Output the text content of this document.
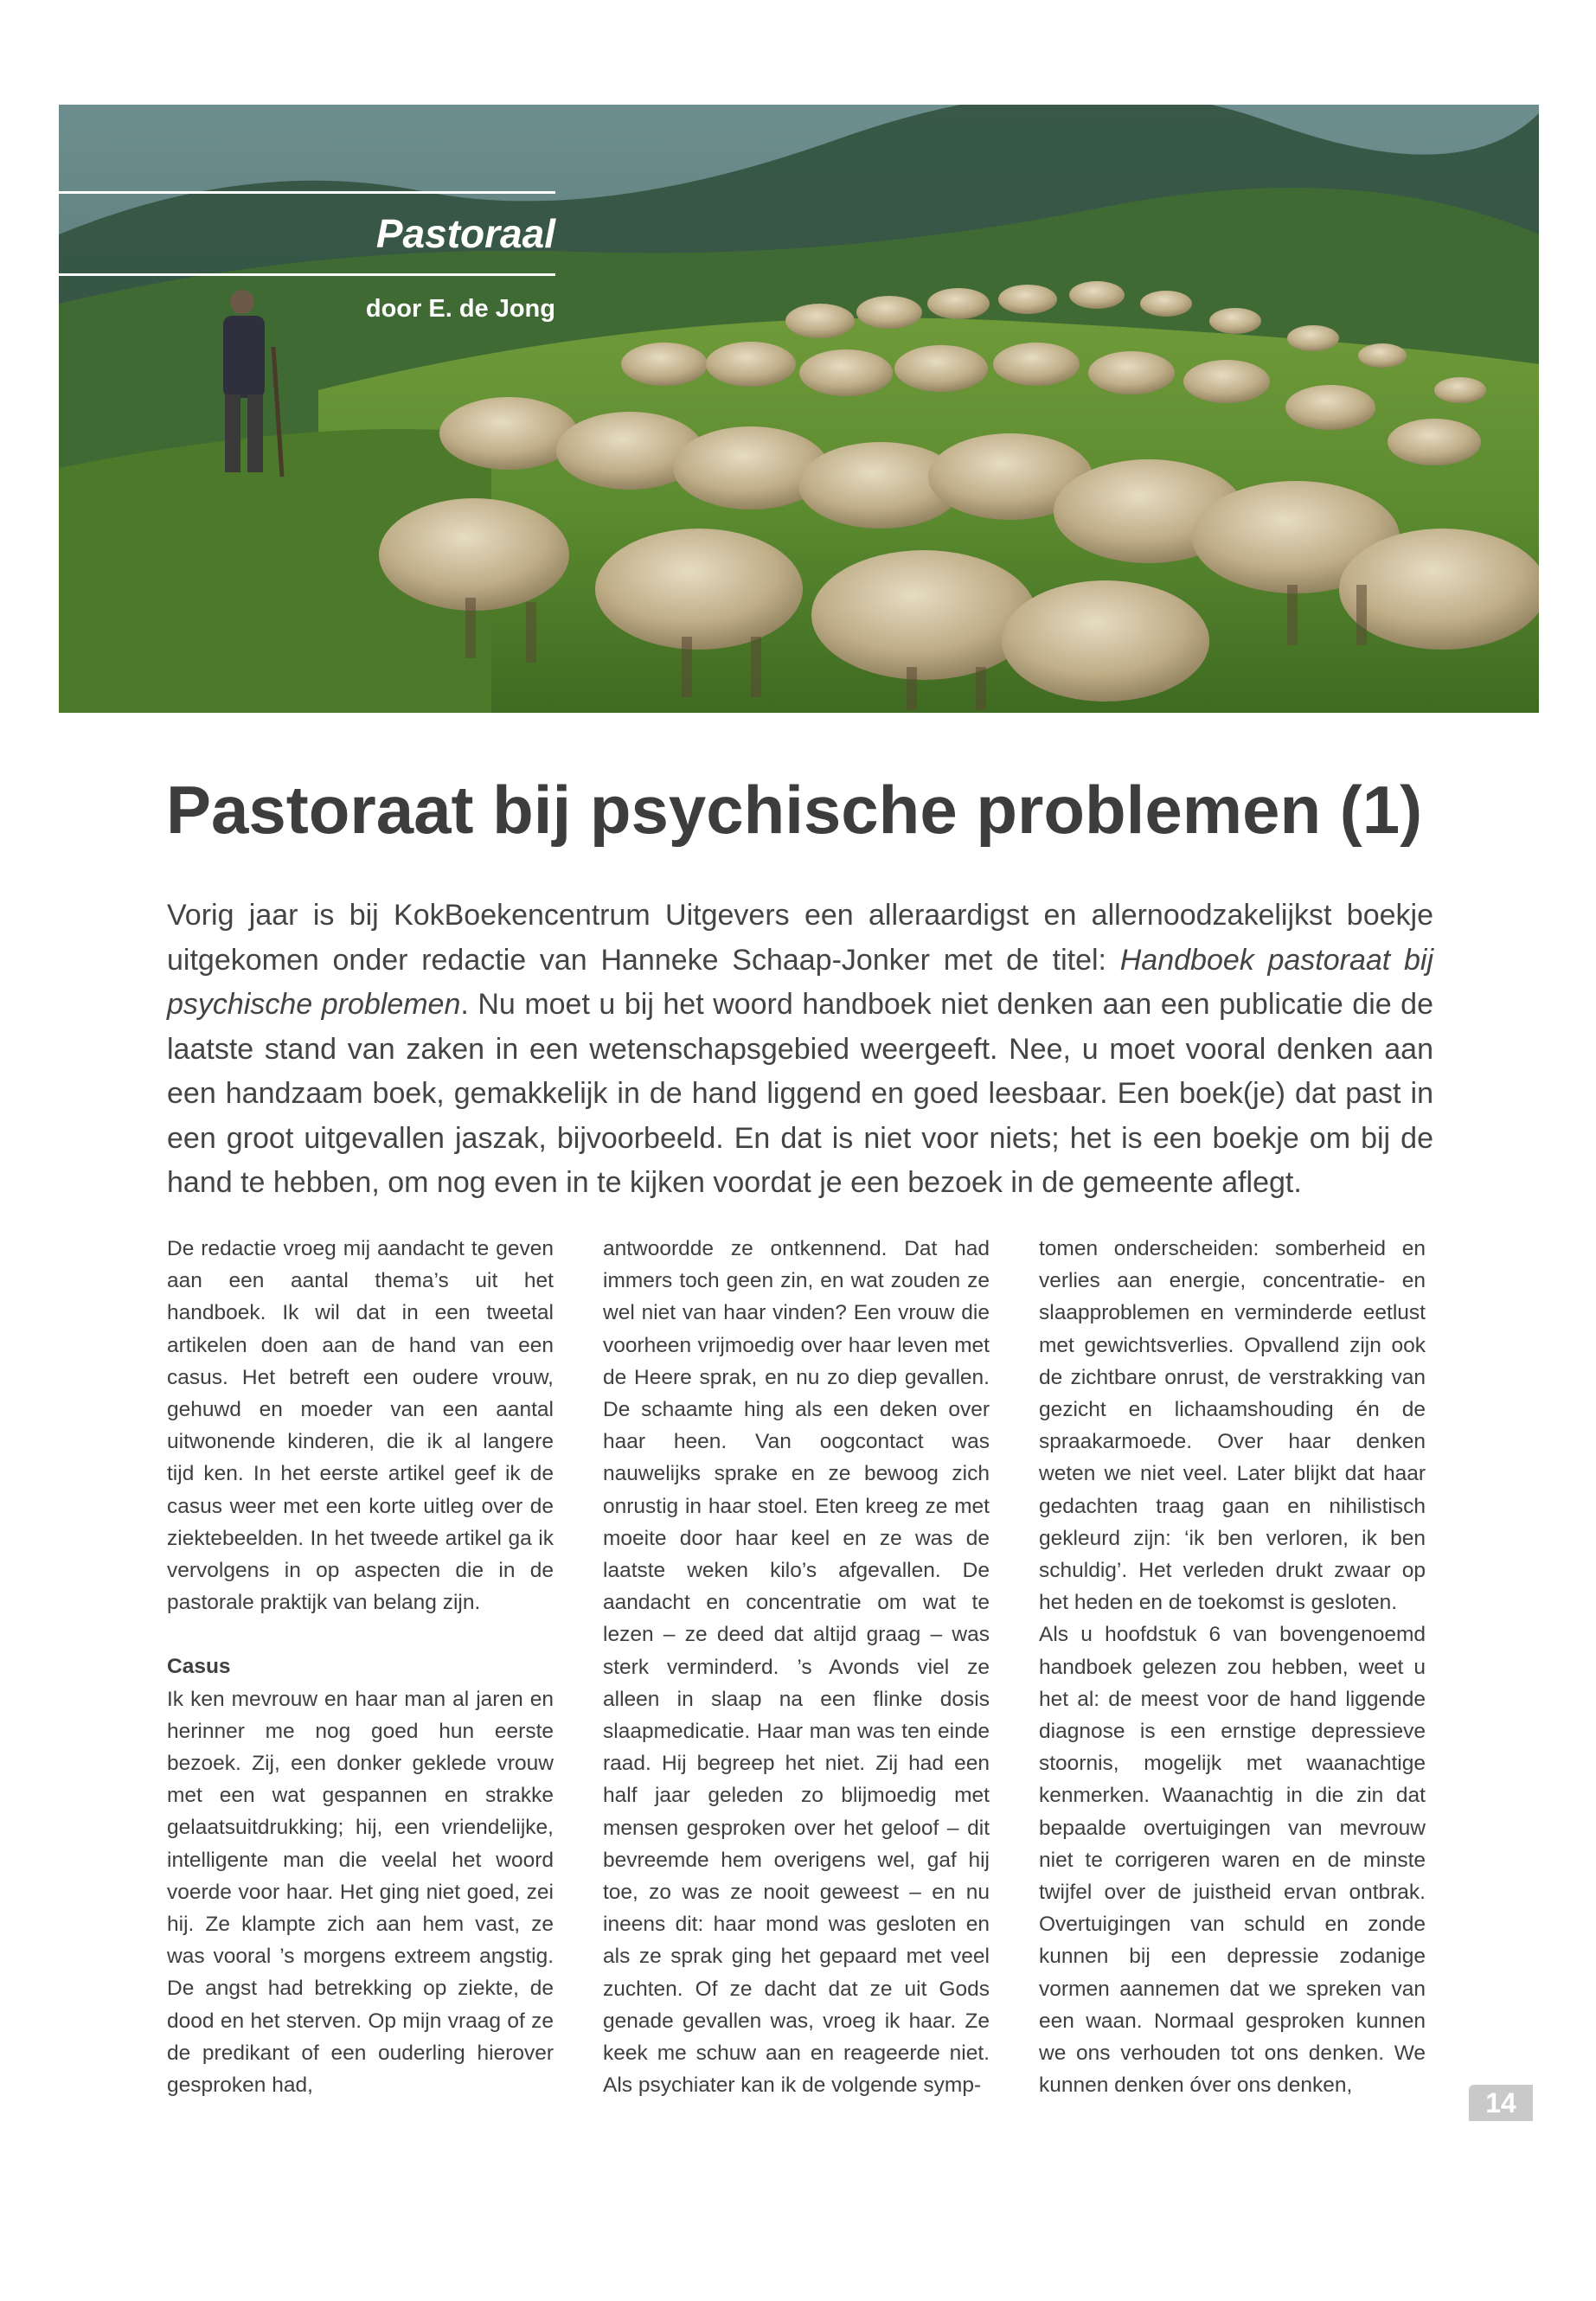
Pastoraal
door E. de Jong
Pastoraat bij psychische problemen (1)

Vorig jaar is bij KokBoekencentrum Uitgevers een alleraardigst en allernoodzakelijkst boekje uitgekomen onder redactie van Hanneke Schaap-Jonker met de titel: Handboek pastoraat bij psychische problemen. Nu moet u bij het woord handboek niet denken aan een publicatie die de laatste stand van zaken in een wetenschapsgebied weergeeft. Nee, u moet vooral denken aan een handzaam boek, gemakkelijk in de hand liggend en goed leesbaar. Een boek(je) dat past in een groot uitgevallen jaszak, bijvoorbeeld. En dat is niet voor niets; het is een boekje om bij de hand te hebben, om nog even in te kijken voordat je een bezoek in de gemeente aflegt.

De redactie vroeg mij aandacht te geven aan een aantal thema’s uit het handboek. Ik wil dat in een tweetal artikelen doen aan de hand van een casus. Het betreft een oudere vrouw, gehuwd en moeder van een aantal uitwonende kinderen, die ik al langere tijd ken. In het eerste artikel geef ik de casus weer met een korte uitleg over de ziektebeelden. In het tweede artikel ga ik vervolgens in op aspecten die in de pastorale praktijk van belang zijn.

Casus

Ik ken mevrouw en haar man al jaren en herinner me nog goed hun eerste bezoek. Zij, een donker geklede vrouw met een wat gespannen en strakke gelaatsuitdrukking; hij, een vriendelijke, intelligente man die veelal het woord voerde voor haar. Het ging niet goed, zei hij. Ze klampte zich aan hem vast, ze was vooral ’s morgens extreem angstig. De angst had betrekking op ziekte, de dood en het sterven. Op mijn vraag of ze de predikant of een ouderling hierover gesproken had,

antwoordde ze ontkennend. Dat had immers toch geen zin, en wat zouden ze wel niet van haar vinden? Een vrouw die voorheen vrijmoedig over haar leven met de Heere sprak, en nu zo diep gevallen. De schaamte hing als een deken over haar heen. Van oogcontact was nauwelijks sprake en ze bewoog zich onrustig in haar stoel. Eten kreeg ze met moeite door haar keel en ze was de laatste weken kilo’s afgevallen. De aandacht en concentratie om wat te lezen – ze deed dat altijd graag – was sterk verminderd. ’s Avonds viel ze alleen in slaap na een flinke dosis slaapmedicatie. Haar man was ten einde raad. Hij begreep het niet. Zij had een half jaar geleden zo blijmoedig met mensen gesproken over het geloof – dit bevreemde hem overigens wel, gaf hij toe, zo was ze nooit geweest – en nu ineens dit: haar mond was gesloten en als ze sprak ging het gepaard met veel zuchten. Of ze dacht dat ze uit Gods genade gevallen was, vroeg ik haar. Ze keek me schuw aan en reageerde niet. Als psychiater kan ik de volgende symp-

tomen onderscheiden: somberheid en verlies aan energie, concentratie- en slaapproblemen en verminderde eetlust met gewichtsverlies. Opvallend zijn ook de zichtbare onrust, de verstrakking van gezicht en lichaamshouding én de spraakarmoede. Over haar denken weten we niet veel. Later blijkt dat haar gedachten traag gaan en nihilistisch gekleurd zijn: ‘ik ben verloren, ik ben schuldig’. Het verleden drukt zwaar op het heden en de toekomst is gesloten.

Als u hoofdstuk 6 van bovengenoemd handboek gelezen zou hebben, weet u het al: de meest voor de hand liggende diagnose is een ernstige depressieve stoornis, mogelijk met waanachtige kenmerken. Waanachtig in die zin dat bepaalde overtuigingen van mevrouw niet te corrigeren waren en de minste twijfel over de juistheid ervan ontbrak. Overtuigingen van schuld en zonde kunnen bij een depressie zodanige vormen aannemen dat we spreken van een waan. Normaal gesproken kunnen we ons verhouden tot ons denken. We kunnen denken óver ons denken,

14
